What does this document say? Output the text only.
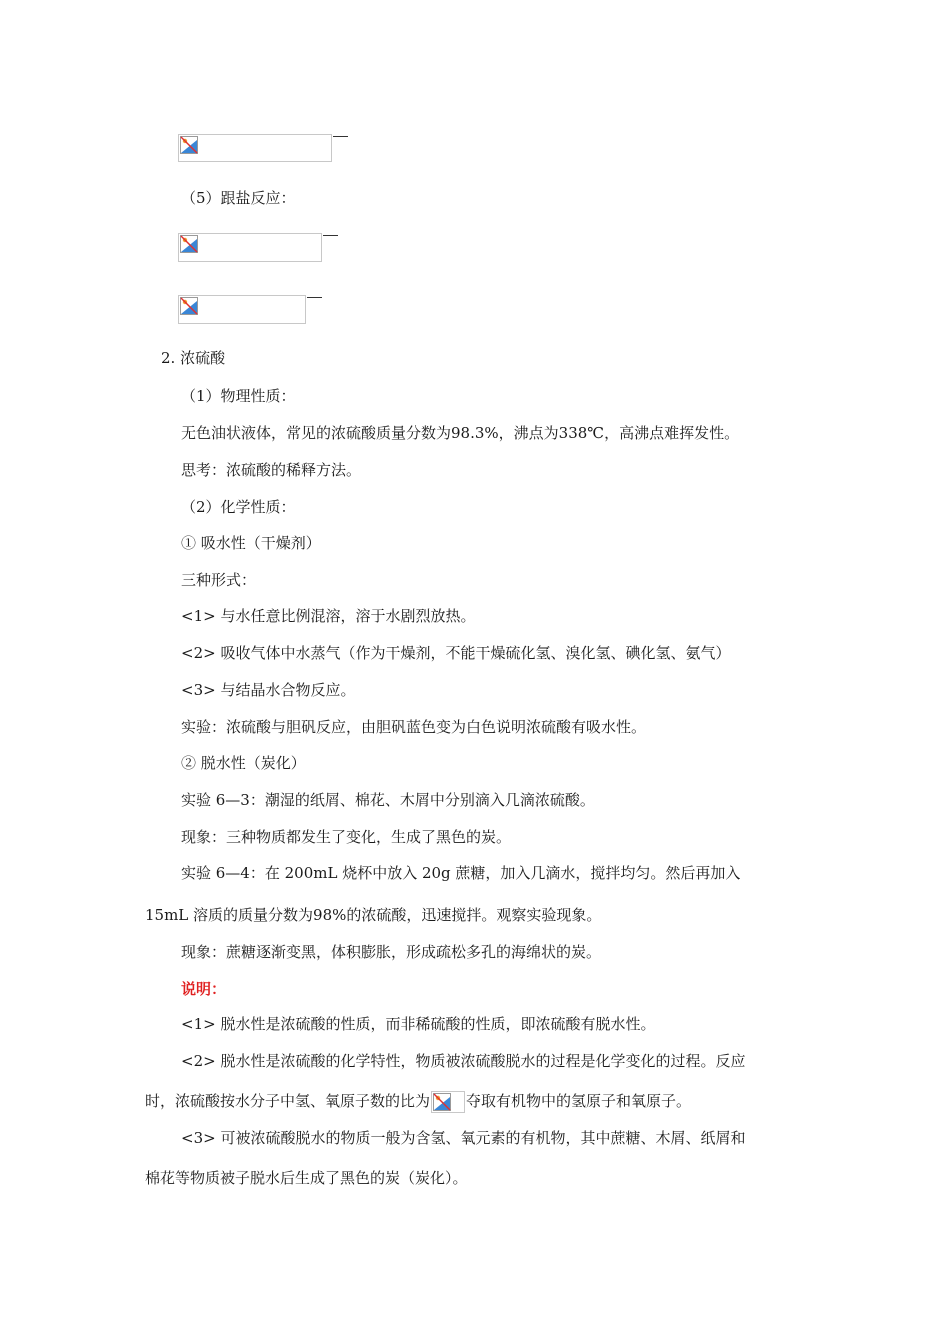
（5）跟盐反应：
2. 浓硫酸
（1）物理性质：
无色油状液体，常见的浓硫酸质量分数为98.3%，沸点为338℃，高沸点难挥发性。
思考：浓硫酸的稀释方法。
（2）化学性质：
① 吸水性（干燥剂）
三种形式：
<1> 与水任意比例混溶，溶于水剧烈放热。
<2> 吸收气体中水蒸气（作为干燥剂，不能干燥硫化氢、溴化氢、碘化氢、氨气）
<3> 与结晶水合物反应。
实验：浓硫酸与胆矾反应，由胆矾蓝色变为白色说明浓硫酸有吸水性。
② 脱水性（炭化）
实验 6—3：潮湿的纸屑、棉花、木屑中分别滴入几滴浓硫酸。
现象：三种物质都发生了变化，生成了黑色的炭。
实验 6—4：在 200mL 烧杯中放入 20g 蔗糖，加入几滴水，搅拌均匀。然后再加入
15mL 溶质的质量分数为98%的浓硫酸，迅速搅拌。观察实验现象。
现象：蔗糖逐渐变黑，体积膨胀，形成疏松多孔的海绵状的炭。
说明：
<1> 脱水性是浓硫酸的性质，而非稀硫酸的性质，即浓硫酸有脱水性。
<2> 脱水性是浓硫酸的化学特性，物质被浓硫酸脱水的过程是化学变化的过程。反应
时，浓硫酸按水分子中氢、氧原子数的比为 夺取有机物中的氢原子和氧原子。
<3> 可被浓硫酸脱水的物质一般为含氢、氧元素的有机物，其中蔗糖、木屑、纸屑和
棉花等物质被子脱水后生成了黑色的炭（炭化）。
